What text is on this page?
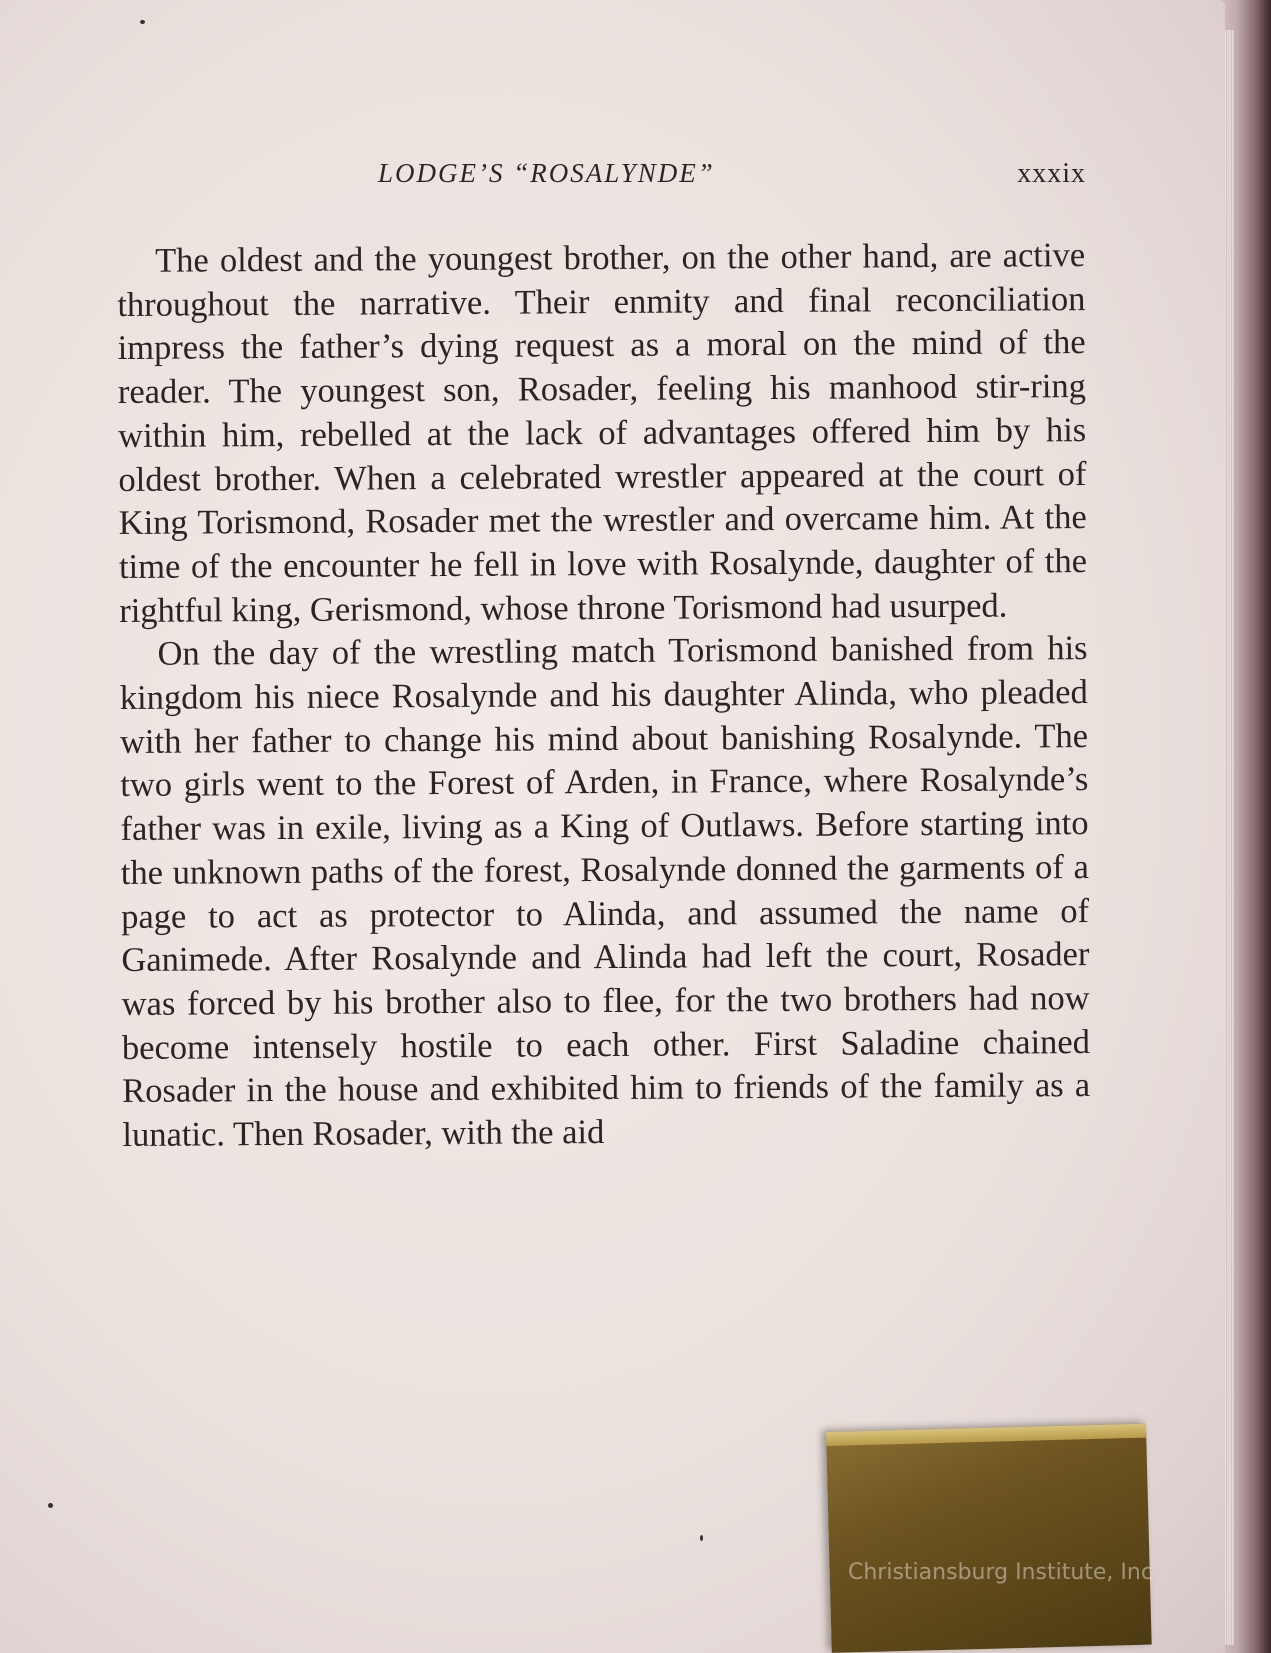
LODGE’S “ROSALYNDE”	xxxix

The oldest and the youngest brother, on the other hand, are active throughout the narrative. Their enmity and final reconciliation impress the father’s dying request as a moral on the mind of the reader. The youngest son, Rosader, feeling his manhood stir-ring within him, rebelled at the lack of advantages offered him by his oldest brother. When a celebrated wrestler appeared at the court of King Torismond, Rosader met the wrestler and overcame him. At the time of the encounter he fell in love with Rosalynde, daughter of the rightful king, Gerismond, whose throne Torismond had usurped.

On the day of the wrestling match Torismond banished from his kingdom his niece Rosalynde and his daughter Alinda, who pleaded with her father to change his mind about banishing Rosalynde. The two girls went to the Forest of Arden, in France, where Rosalynde’s father was in exile, living as a King of Outlaws. Before starting into the unknown paths of the forest, Rosalynde donned the garments of a page to act as protector to Alinda, and assumed the name of Ganimede. After Rosalynde and Alinda had left the court, Rosader was forced by his brother also to flee, for the two brothers had now become intensely hostile to each other. First Saladine chained Rosader in the house and exhibited him to friends of the family as a lunatic. Then Rosader, with the aid

Christiansburg Institute, Inc
